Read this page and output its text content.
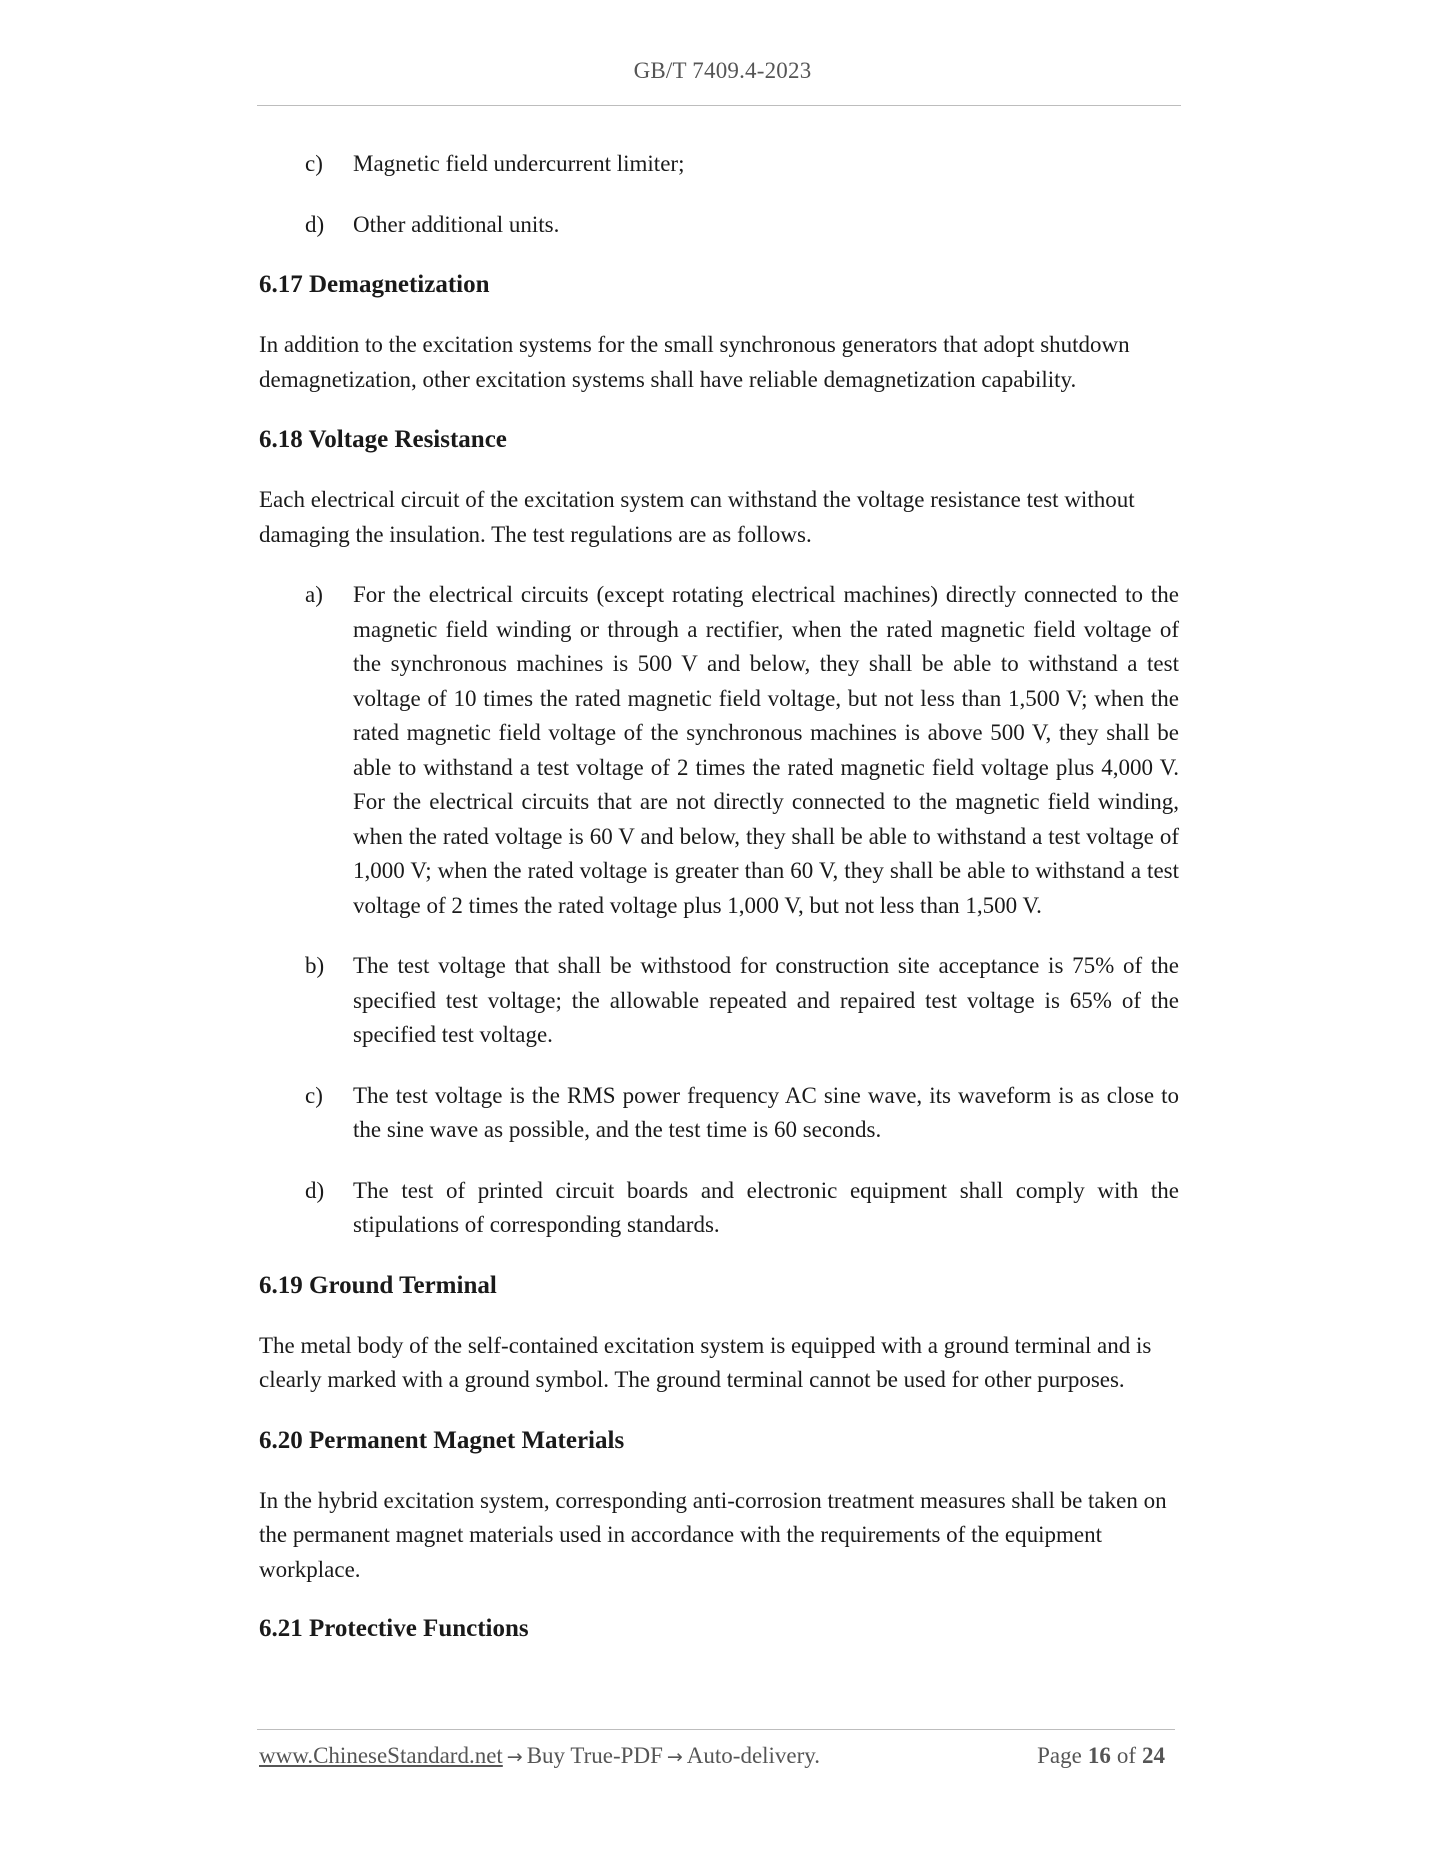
GB/T 7409.4-2023
c)	Magnetic field undercurrent limiter;
d)	Other additional units.
6.17 Demagnetization
In addition to the excitation systems for the small synchronous generators that adopt shutdown demagnetization, other excitation systems shall have reliable demagnetization capability.
6.18 Voltage Resistance
Each electrical circuit of the excitation system can withstand the voltage resistance test without damaging the insulation. The test regulations are as follows.
a)	For the electrical circuits (except rotating electrical machines) directly connected to the magnetic field winding or through a rectifier, when the rated magnetic field voltage of the synchronous machines is 500 V and below, they shall be able to withstand a test voltage of 10 times the rated magnetic field voltage, but not less than 1,500 V; when the rated magnetic field voltage of the synchronous machines is above 500 V, they shall be able to withstand a test voltage of 2 times the rated magnetic field voltage plus 4,000 V. For the electrical circuits that are not directly connected to the magnetic field winding, when the rated voltage is 60 V and below, they shall be able to withstand a test voltage of 1,000 V; when the rated voltage is greater than 60 V, they shall be able to withstand a test voltage of 2 times the rated voltage plus 1,000 V, but not less than 1,500 V.
b)	The test voltage that shall be withstood for construction site acceptance is 75% of the specified test voltage; the allowable repeated and repaired test voltage is 65% of the specified test voltage.
c)	The test voltage is the RMS power frequency AC sine wave, its waveform is as close to the sine wave as possible, and the test time is 60 seconds.
d)	The test of printed circuit boards and electronic equipment shall comply with the stipulations of corresponding standards.
6.19 Ground Terminal
The metal body of the self-contained excitation system is equipped with a ground terminal and is clearly marked with a ground symbol. The ground terminal cannot be used for other purposes.
6.20 Permanent Magnet Materials
In the hybrid excitation system, corresponding anti-corrosion treatment measures shall be taken on the permanent magnet materials used in accordance with the requirements of the equipment workplace.
6.21 Protective Functions
www.ChineseStandard.net → Buy True-PDF → Auto-delivery.	Page 16 of 24
